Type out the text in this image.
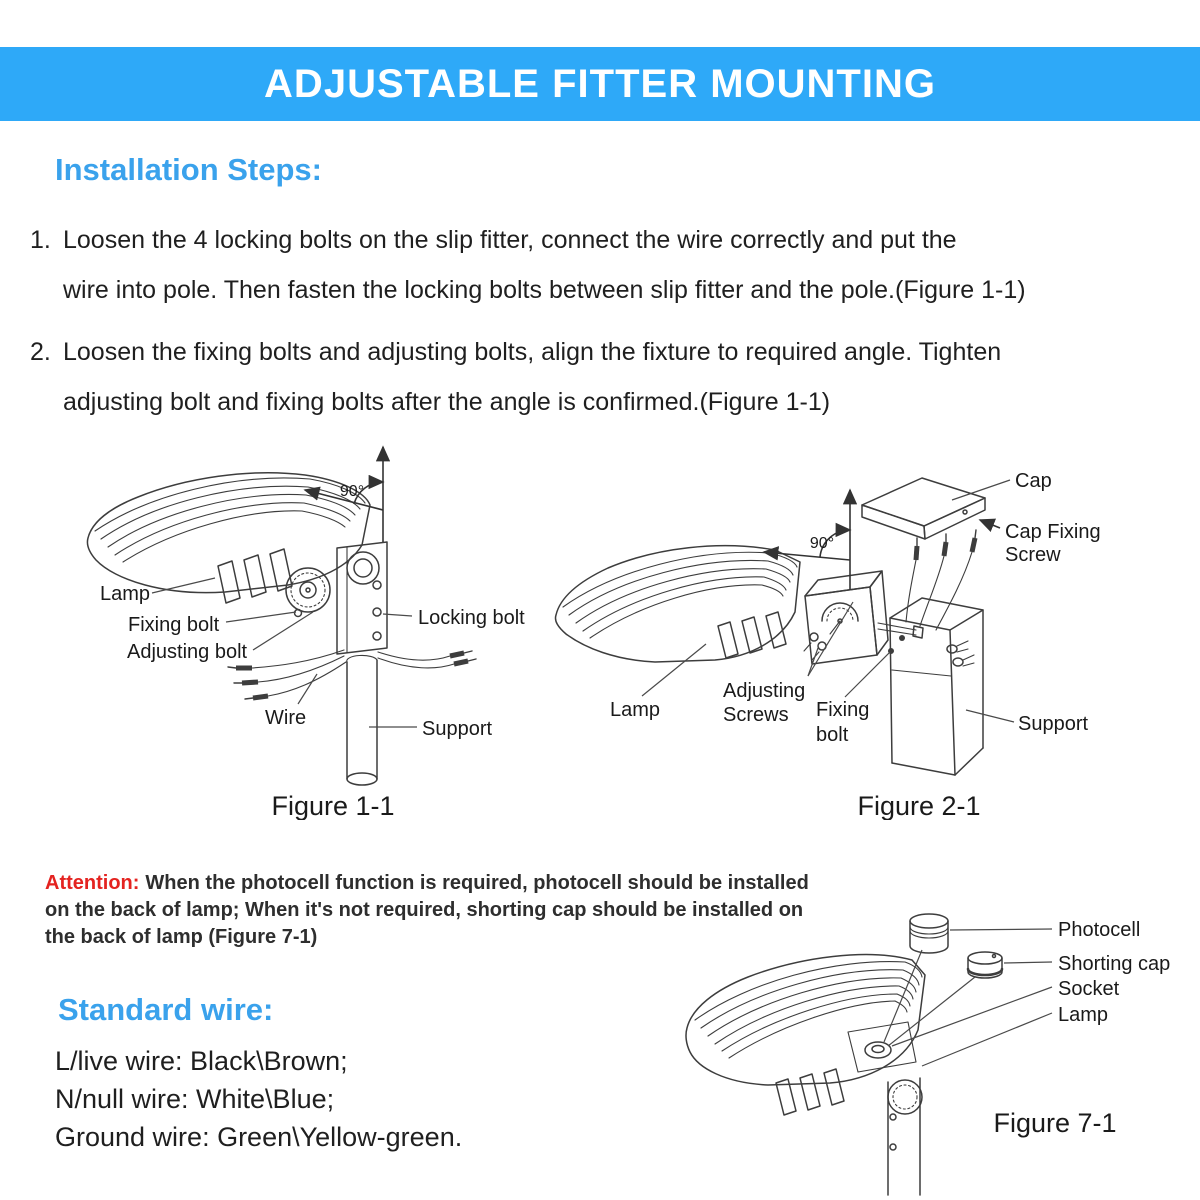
ADJUSTABLE FITTER MOUNTING
Installation Steps:
1. Loosen the 4 locking bolts on the slip fitter, connect the wire correctly and put the
wire into pole. Then fasten the locking bolts between slip fitter and the pole.(Figure 1-1)
2. Loosen the fixing bolts and adjusting bolts, align the fixture to required angle. Tighten
adjusting bolt and fixing bolts after the angle is confirmed.(Figure 1-1)
90°
Lamp
Fixing bolt
Adjusting bolt
Locking bolt
Wire	Support
Figure 1-1
90°
Cap
Cap Fixing
Screw
Lamp
Adjusting
Screws Fixing
bolt	Support
Figure 2-1
Attention: When the photocell function is required, photocell should be installed
on the back of lamp; When it's not required, shorting cap should be installed on
the back of lamp (Figure 7-1)
Standard wire:
L/live wire: Black\Brown;
N/null wire: White\Blue;
Ground wire: Green\Yellow-green.
Photocell
Shorting cap
Socket
Lamp
Figure 7-1
